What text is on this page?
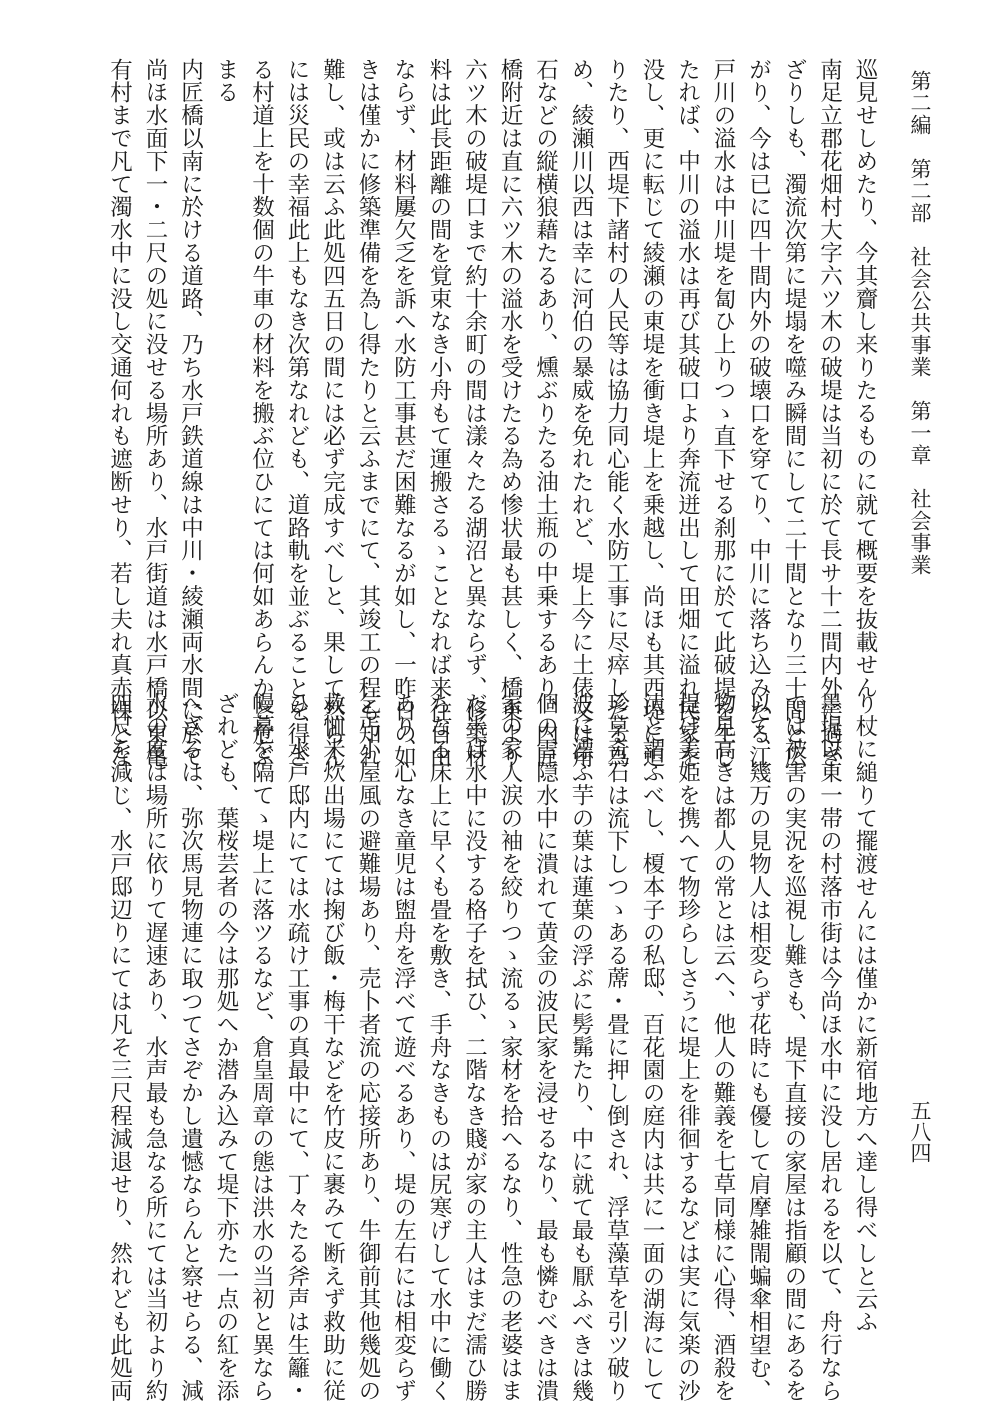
第二編　第二部　社会公共事業　第一章　社会事業
五八四
巡見せしめたり、今其齎し来りたるものに就て概要を抜載せん
南足立郡花畑村大字六ツ木の破堤は当初に於て長サ十二間内外に過ぎ
ざりしも、濁流次第に堤塌を噬み瞬間にして二十間となり三十間と広
がり、今は已に四十間内外の破壊口を穿てり、中川に落ち込みたる江
戸川の溢水は中川堤を匐ひ上りつゝ直下せる刹那に於て此破堤を生じ
たれば、中川の溢水は再び其破口より奔流迸出して田畑に溢れ民家を
没し、更に転じて綾瀬の東堤を衝き堤上を乗越し、尚ほも其西堤に迫
りたり、西堤下諸村の人民等は協力同心能く水防工事に尽瘁したる為
め、綾瀬川以西は幸に河伯の暴威を免れたれど、堤上今に土俵又は角
石などの縦横狼藉たるあり、燻ぶりたる油土瓶の中乗するあり、内匠
橋附近は直に六ツ木の溢水を受けたる為め惨状最も甚しく、橋東より
六ツ木の破堤口まで約十余町の間は漾々たる湖沼と異ならず、修築材
料は此長距離の間を覚束なき小舟もて運搬さるゝことなれば来往自由
ならず、材料屢欠乏を訴へ水防工事甚だ困難なるが如し、一昨日の如
きは僅かに修築準備を為し得たりと云ふまでにて、其竣工の程も知れ
難し、或は云ふ此処四五日の間には必ず完成すべしと、果して然らん
には災民の幸福此上もなき次第なれども、道路軌を並ぶることを得ざ
る村道上を十数個の牛車の材料を搬ぶ位ひにては何如あらんかと危ぶ
まる
内匠橋以南に於ける道路、乃ち水戸鉄道線は中川・綾瀬両水間に於て
尚ほ水面下一・二尺の処に没せる場所あり、水戸街道は水戸橋以東亀
有村まで凡て濁水中に没し交通何れも遮断せり、若し夫れ真赤裸とな
り杖に縋りて擺渡せんには僅かに新宿地方へ達し得べしと云ふ
墨堤以東一帯の村落市街は今尚ほ水中に没し居れるを以て、舟行なら
では被害の実況を巡視し難きも、堤下直接の家屋は指顧の間にあるを
以て、幾万の見物人は相変らず花時にも優して肩摩雑閙蝙傘相望む、
物見高きは都人の常とは云へ、他人の難義を七草同様に心得、酒殺を
提げ美姫を携へて物珍らしさうに堤上を徘徊するなどは実に気楽の沙
汰と謂ふべし、榎本子の私邸、百花園の庭内は共に一面の湖海にして
珍草奇石は流下しつゝある蓆・畳に押し倒され、浮草藻草を引ツ破り
波に漂ふ芋の葉は蓮葉の浮ぶに髣髴たり、中に就て最も厭ふべきは幾
個の雪隠水中に潰れて黄金の波民家を浸せるなり、最も憐むべきは潰
家の家人涙の袖を絞りつゝ流るゝ家材を拾へるなり、性急の老婆はま
だ半ば水中に没する格子を拭ひ、二階なき賤が家の主人はまだ濡ひ勝
ちなる床上に早くも畳を敷き、手舟なきものは尻寒げして水中に働く
あり、心なき童児は盥舟を浮べて遊べるあり、堤の左右には相変らず
乞丐小屋風の避難場あり、売卜者流の応接所あり、牛御前其他幾処の
救恤米炊出場にては掬び飯・梅干などを竹皮に裹みて断えず救助に従
ひ、水戸邸内にては水疏け工事の真最中にて、丁々たる斧声は生籬・
幔幕を隔てゝ堤上に落ツるなど、倉皇周章の態は洪水の当初と異なら
ざれども、葉桜芸者の今は那処へか潜み込みて堤下亦た一点の紅を添
へざるは、弥次馬見物連に取つてさぞかし遺憾ならんと察せらる、減
水の度は場所に依りて遅速あり、水声最も急なる所にては当初より約
四尺を減じ、水戸邸辺りにては凡そ三尺程減退せり、然れども此処両
